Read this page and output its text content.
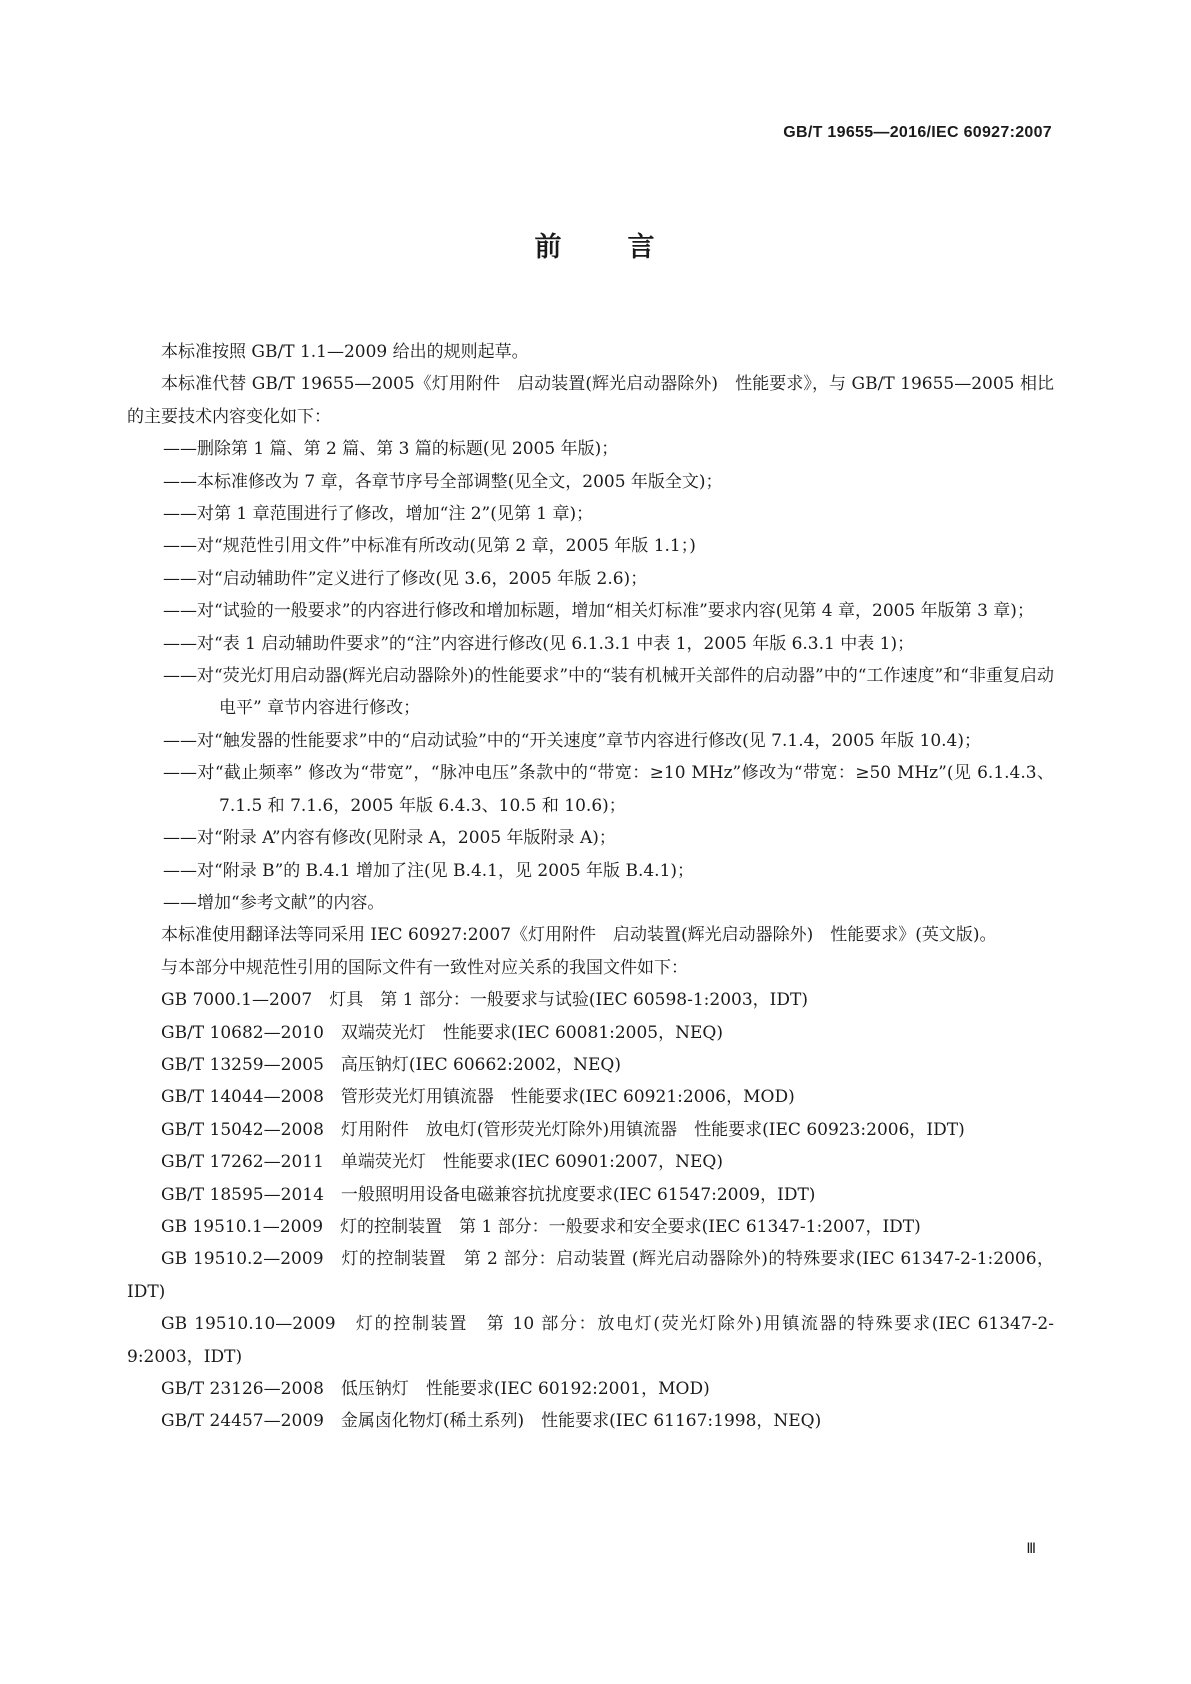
GB/T 19655—2016/IEC 60927:2007
前 言

本标准按照 GB/T 1.1—2009 给出的规则起草。

本标准代替 GB/T 19655—2005《灯用附件　启动装置(辉光启动器除外)　性能要求》，与 GB/T 19655—2005 相比的主要技术内容变化如下：

——删除第 1 篇、第 2 篇、第 3 篇的标题(见 2005 年版)；

——本标准修改为 7 章，各章节序号全部调整(见全文，2005 年版全文)；

——对第 1 章范围进行了修改，增加“注 2”(见第 1 章)；

——对“规范性引用文件”中标准有所改动(见第 2 章，2005 年版 1.1；)

——对“启动辅助件”定义进行了修改(见 3.6，2005 年版 2.6)；

——对“试验的一般要求”的内容进行修改和增加标题，增加“相关灯标准”要求内容(见第 4 章，2005 年版第 3 章)；

——对“表 1 启动辅助件要求”的“注”内容进行修改(见 6.1.3.1 中表 1，2005 年版 6.3.1 中表 1)；

——对“荧光灯用启动器(辉光启动器除外)的性能要求”中的“装有机械开关部件的启动器”中的“工作速度”和“非重复启动电平” 章节内容进行修改；

——对“触发器的性能要求”中的“启动试验”中的“开关速度”章节内容进行修改(见 7.1.4，2005 年版 10.4)；

——对“截止频率” 修改为“带宽”，“脉冲电压”条款中的“带宽：≥10 MHz”修改为“带宽：≥50 MHz”(见 6.1.4.3、7.1.5 和 7.1.6，2005 年版 6.4.3、10.5 和 10.6)；

——对“附录 A”内容有修改(见附录 A，2005 年版附录 A)；

——对“附录 B”的 B.4.1 增加了注(见 B.4.1，见 2005 年版 B.4.1)；

——增加“参考文献”的内容。

本标准使用翻译法等同采用 IEC 60927:2007《灯用附件　启动装置(辉光启动器除外)　性能要求》(英文版)。

与本部分中规范性引用的国际文件有一致性对应关系的我国文件如下：

GB 7000.1—2007　灯具　第 1 部分：一般要求与试验(IEC 60598-1:2003，IDT)

GB/T 10682—2010　双端荧光灯　性能要求(IEC 60081:2005，NEQ)

GB/T 13259—2005　高压钠灯(IEC 60662:2002，NEQ)

GB/T 14044—2008　管形荧光灯用镇流器　性能要求(IEC 60921:2006，MOD)

GB/T 15042—2008　灯用附件　放电灯(管形荧光灯除外)用镇流器　性能要求(IEC 60923:2006，IDT)

GB/T 17262—2011　单端荧光灯　性能要求(IEC 60901:2007，NEQ)

GB/T 18595—2014　一般照明用设备电磁兼容抗扰度要求(IEC 61547:2009，IDT)

GB 19510.1—2009　灯的控制装置　第 1 部分：一般要求和安全要求(IEC 61347-1:2007，IDT)

GB 19510.2—2009　灯的控制装置　第 2 部分：启动装置 (辉光启动器除外)的特殊要求(IEC 61347-2-1:2006，IDT)

GB 19510.10—2009　灯的控制装置　第 10 部分：放电灯(荧光灯除外)用镇流器的特殊要求(IEC 61347-2-9:2003，IDT)

GB/T 23126—2008　低压钠灯　性能要求(IEC 60192:2001，MOD)

GB/T 24457—2009　金属卤化物灯(稀土系列)　性能要求(IEC 61167:1998，NEQ)

Ⅲ
